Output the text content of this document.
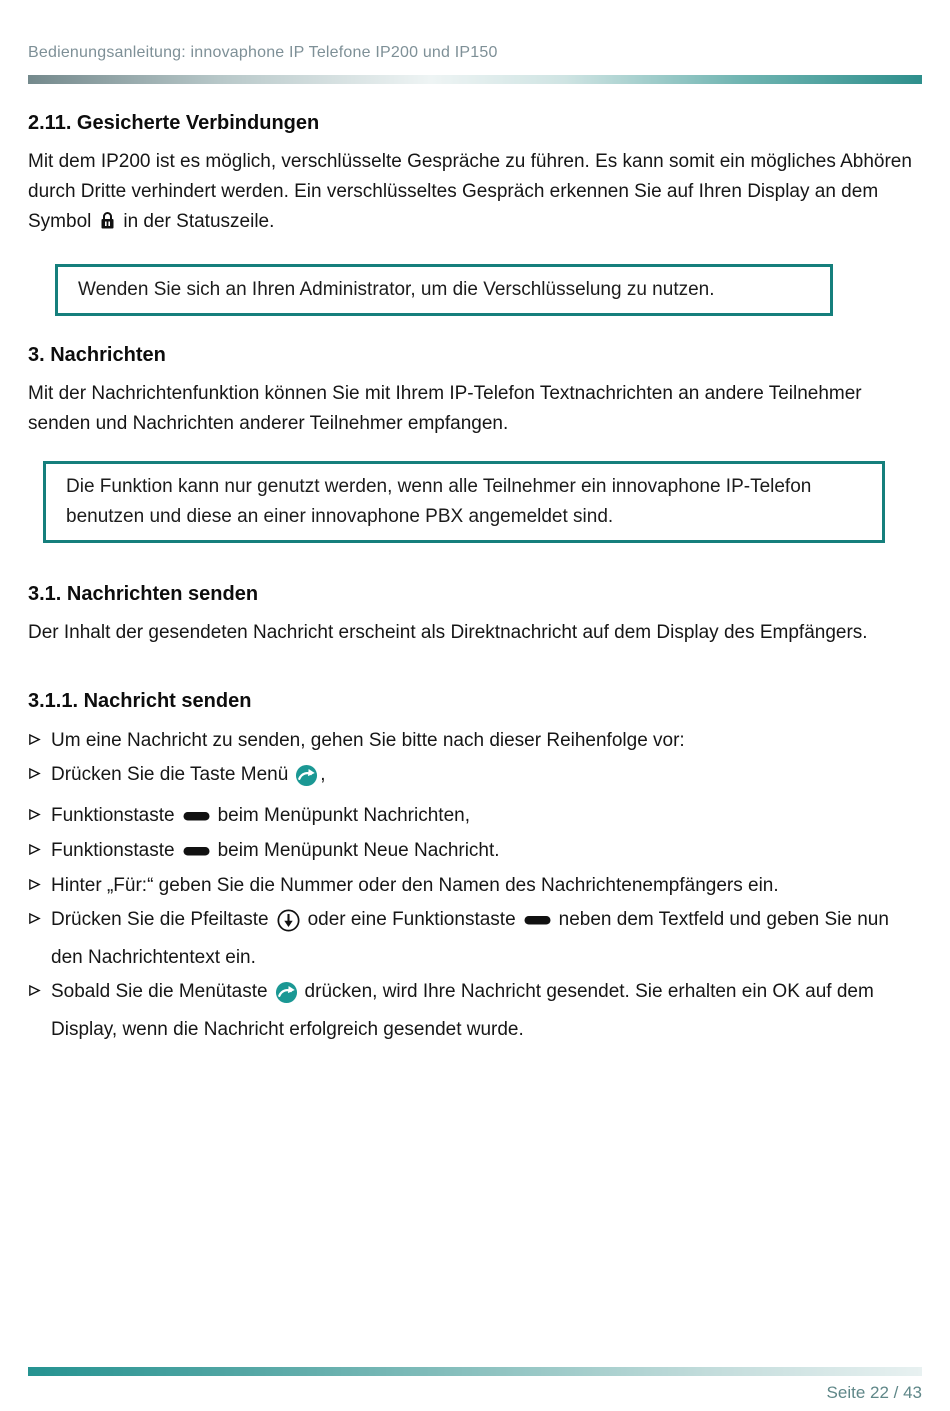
Bedienungsanleitung: innovaphone IP Telefone IP200 und IP150
2.11. Gesicherte Verbindungen

Mit dem IP200 ist es möglich, verschlüsselte Gespräche zu führen. Es kann somit ein mögliches Abhören durch Dritte verhindert werden. Ein verschlüsseltes Gespräch erkennen Sie auf Ihren Display an dem Symbol in der Statuszeile.

Wenden Sie sich an Ihren Administrator, um die Verschlüsselung zu nutzen.
3. Nachrichten

Mit der Nachrichtenfunktion können Sie mit Ihrem IP-Telefon Textnachrichten an andere Teilnehmer senden und Nachrichten anderer Teilnehmer empfangen.

Die Funktion kann nur genutzt werden, wenn alle Teilnehmer ein innovaphone IP-Telefon benutzen und diese an einer innovaphone PBX angemeldet sind.
3.1. Nachrichten senden

Der Inhalt der gesendeten Nachricht erscheint als Direktnachricht auf dem Display des Empfängers.

3.1.1. Nachricht senden
Um eine Nachricht zu senden, gehen Sie bitte nach dieser Reihenfolge vor:
Drücken Sie die Taste Menü ,
Funktionstaste beim Menüpunkt Nachrichten,
Funktionstaste beim Menüpunkt Neue Nachricht.
Hinter „Für:“ geben Sie die Nummer oder den Namen des Nachrichtenempfängers ein.
Drücken Sie die Pfeiltaste oder eine Funktionstaste neben dem Textfeld und geben Sie nun den Nachrichtentext ein.
Sobald Sie die Menütaste drücken, wird Ihre Nachricht gesendet. Sie erhalten ein OK auf dem Display, wenn die Nachricht erfolgreich gesendet wurde.
Seite 22 / 43
